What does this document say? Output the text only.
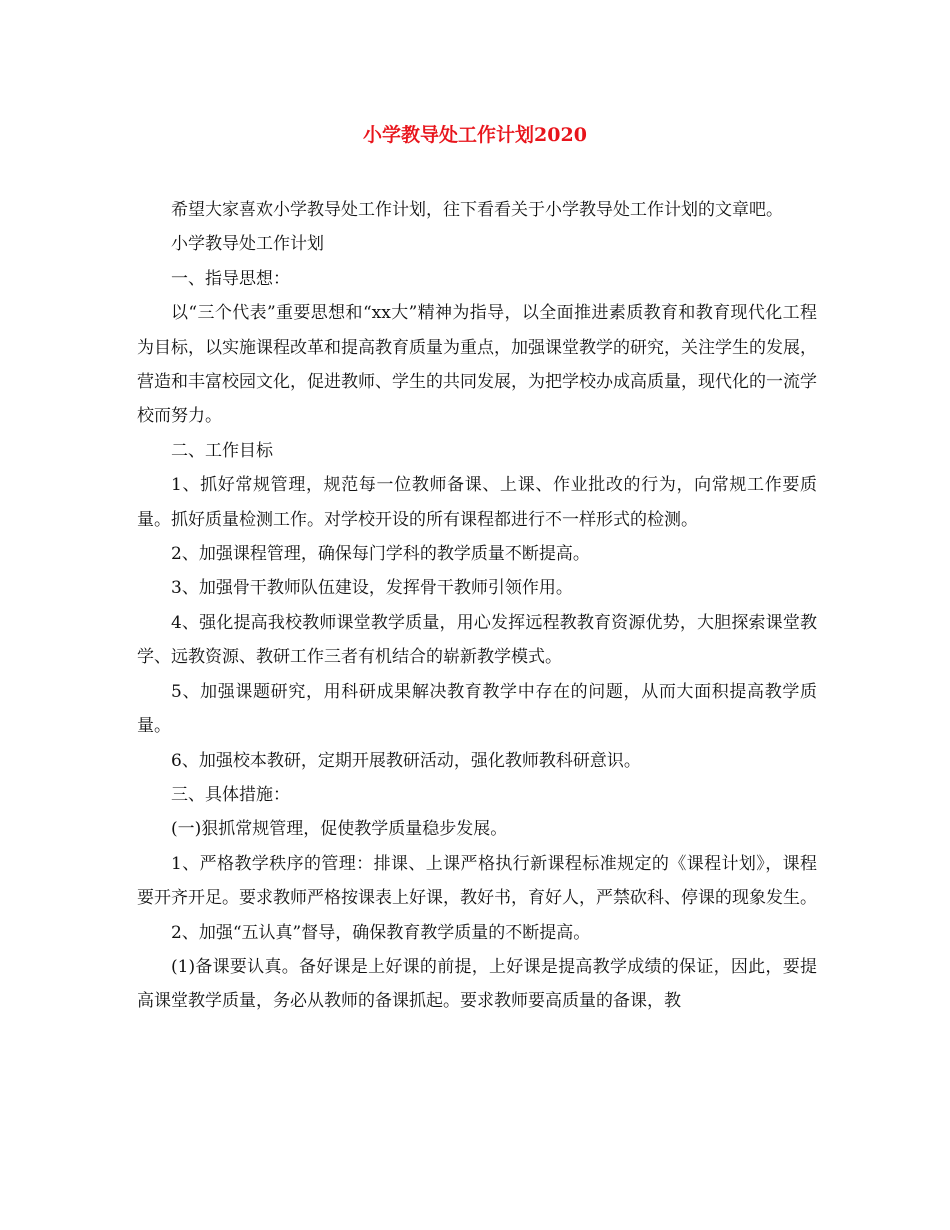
小学教导处工作计划2020

希望大家喜欢小学教导处工作计划，往下看看关于小学教导处工作计划的文章吧。

小学教导处工作计划

一、指导思想：

以“三个代表”重要思想和“xx大”精神为指导，以全面推进素质教育和教育现代化工程为目标，以实施课程改革和提高教育质量为重点，加强课堂教学的研究，关注学生的发展，营造和丰富校园文化，促进教师、学生的共同发展，为把学校办成高质量，现代化的一流学校而努力。

二、工作目标

1、抓好常规管理，规范每一位教师备课、上课、作业批改的行为，向常规工作要质量。抓好质量检测工作。对学校开设的所有课程都进行不一样形式的检测。

2、加强课程管理，确保每门学科的教学质量不断提高。

3、加强骨干教师队伍建设，发挥骨干教师引领作用。

4、强化提高我校教师课堂教学质量，用心发挥远程教教育资源优势，大胆探索课堂教学、远教资源、教研工作三者有机结合的崭新教学模式。

5、加强课题研究，用科研成果解决教育教学中存在的问题，从而大面积提高教学质量。

6、加强校本教研，定期开展教研活动，强化教师教科研意识。

三、具体措施：

(一)狠抓常规管理，促使教学质量稳步发展。

1、严格教学秩序的管理：排课、上课严格执行新课程标准规定的《课程计划》，课程要开齐开足。要求教师严格按课表上好课，教好书，育好人，严禁砍科、停课的现象发生。

2、加强“五认真”督导，确保教育教学质量的不断提高。

(1)备课要认真。备好课是上好课的前提，上好课是提高教学成绩的保证，因此，要提高课堂教学质量，务必从教师的备课抓起。要求教师要高质量的备课，教
